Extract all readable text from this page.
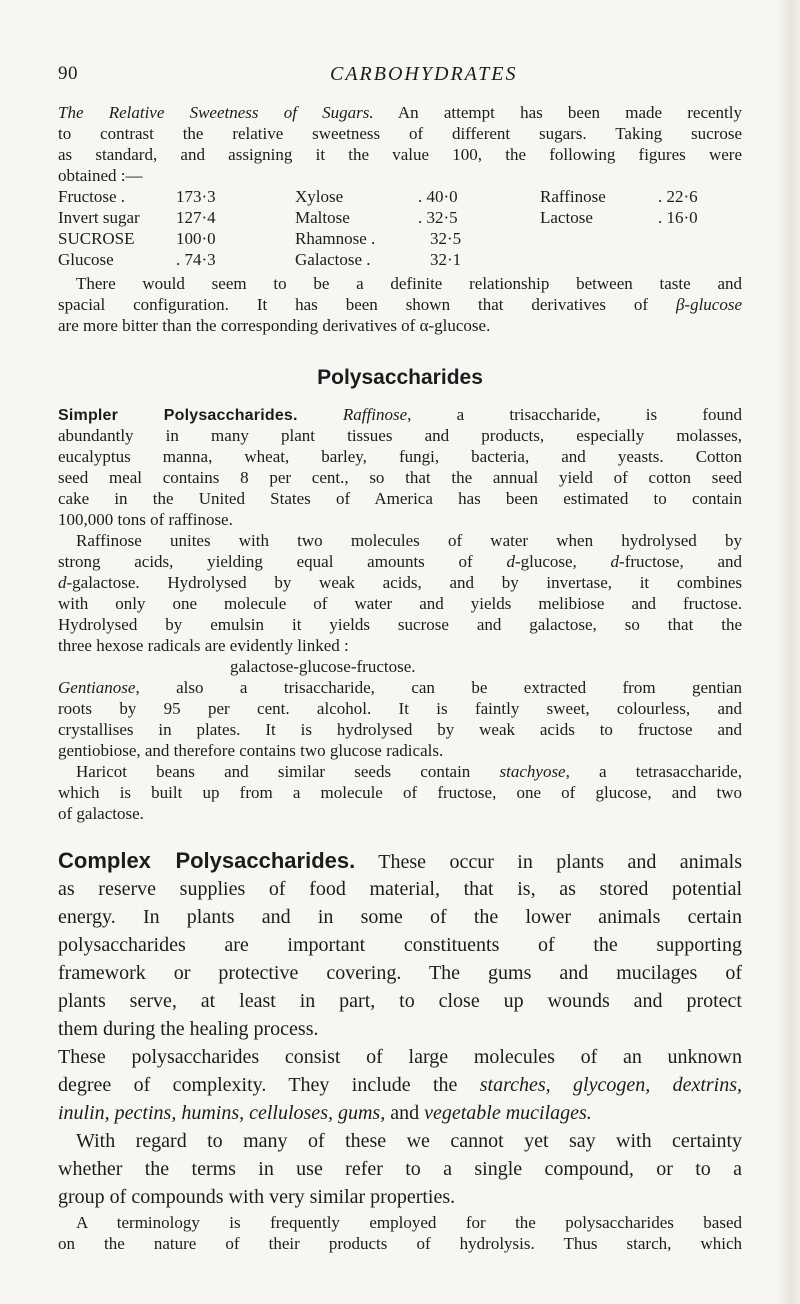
90	CARBOHYDRATES
The Relative Sweetness of Sugars. An attempt has been made recently
to contrast the relative sweetness of different sugars. Taking sucrose
as standard, and assigning it the value 100, the following figures were
obtained :—
Fructose .	173·3	Xylose	. 40·0	Raffinose	. 22·6
Invert sugar 127·4	Maltose	. 32·5	Lactose	. 16·0
SUCROSE 100·0	Rhamnose .	32·5
Glucose	. 74·3	Galactose .	32·1
There would seem to be a definite relationship between taste and
spacial configuration. It has been shown that derivatives of β-glucose
are more bitter than the corresponding derivatives of α-glucose.
Polysaccharides
Simpler Polysaccharides.	Raffinose, a trisaccharide, is found
abundantly in many plant tissues and products, especially molasses,
eucalyptus manna, wheat, barley, fungi, bacteria, and yeasts. Cotton
seed meal contains 8 per cent., so that the annual yield of cotton seed
cake in the United States of America has been estimated to contain
100,000 tons of raffinose.
Raffinose unites with two molecules of water when hydrolysed by
strong acids, yielding equal amounts of d-glucose, d-fructose, and
d-galactose. Hydrolysed by weak acids, and by invertase, it combines
with only one molecule of water and yields melibiose and fructose.
Hydrolysed by emulsin it yields sucrose and galactose, so that the
three hexose radicals are evidently linked :
galactose-glucose-fructose.
Gentianose, also a trisaccharide, can be extracted from gentian
roots by 95 per cent. alcohol. It is faintly sweet, colourless, and
crystallises in plates. It is hydrolysed by weak acids to fructose and
gentiobiose, and therefore contains two glucose radicals.
Haricot beans and similar seeds contain stachyose, a tetrasaccharide,
which is built up from a molecule of fructose, one of glucose, and two
of galactose.
Complex Polysaccharides. These occur in plants and animals
as reserve supplies of food material, that is, as stored potential
energy. In plants and in some of the lower animals certain
polysaccharides are important constituents of the supporting
framework or protective covering. The gums and mucilages of
plants serve, at least in part, to close up wounds and protect
them during the healing process.
These polysaccharides consist of large molecules of an unknown
degree of complexity. They include the starches, glycogen, dextrins,
inulin, pectins, humins, celluloses, gums, and vegetable mucilages.
With regard to many of these we cannot yet say with certainty
whether the terms in use refer to a single compound, or to a
group of compounds with very similar properties.
A terminology is frequently employed for the polysaccharides based
on the nature of their products of hydrolysis. Thus starch, which
